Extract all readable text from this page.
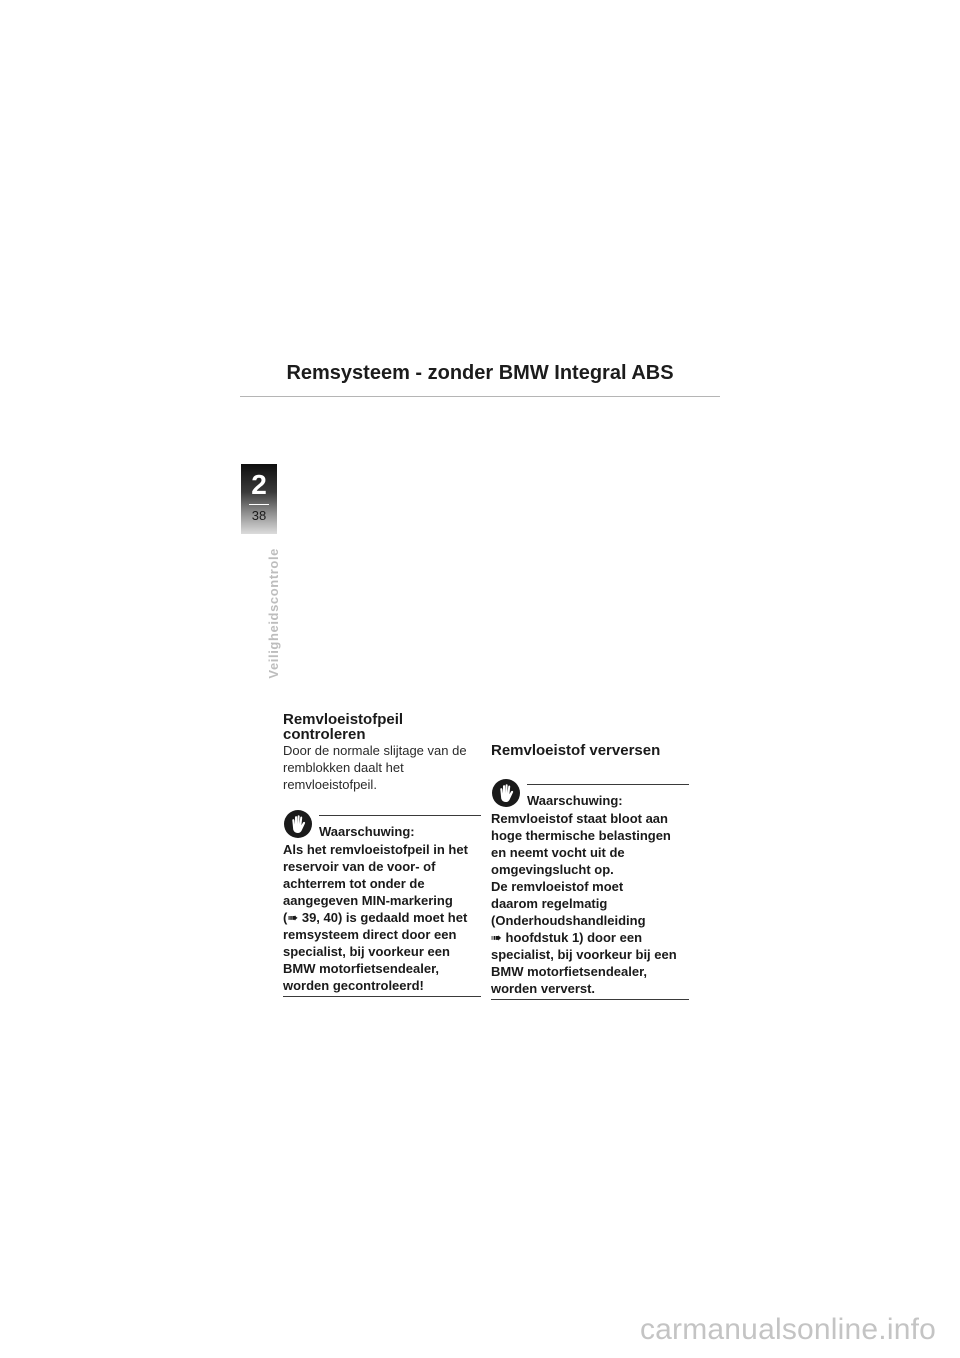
Remsysteem - zonder BMW Integral ABS
2
38
Veiligheidscontrole
Remvloeistofpeil
controleren

Door de normale slijtage van de
remblokken daalt het
remvloeistofpeil.

Waarschuwing:

Als het remvloeistofpeil in het
reservoir van de voor- of
achterrem tot onder de
aangegeven MIN-markering
(➠ 39, 40) is gedaald moet het
remsysteem direct door een
specialist, bij voorkeur een
BMW motorfietsendealer,
worden gecontroleerd!

Remvloeistof verversen
Waarschuwing:

Remvloeistof staat bloot aan
hoge thermische belastingen
en neemt vocht uit de
omgevingslucht op.
De remvloeistof moet
daarom regelmatig
(Onderhoudshandleiding
➠ hoofdstuk 1) door een
specialist, bij voorkeur bij een
BMW motorfietsendealer,
worden ververst.

carmanualsonline.info
